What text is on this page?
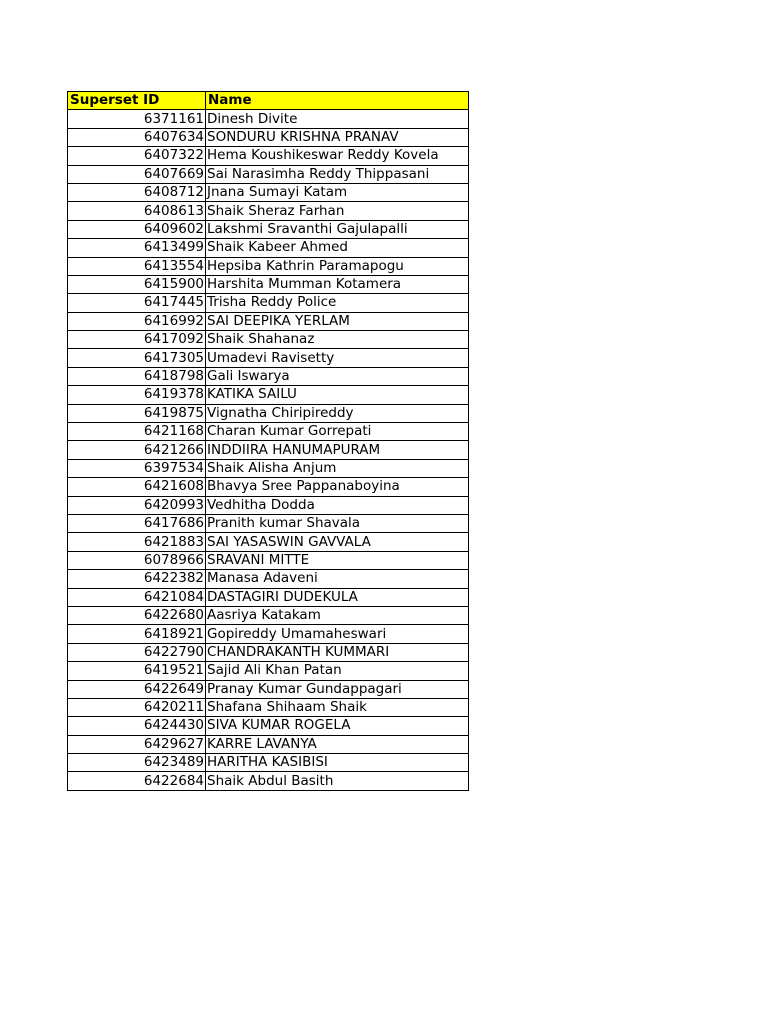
Superset ID	Name
6371161	Dinesh Divite
6407634	SONDURU KRISHNA PRANAV
6407322	Hema Koushikeswar Reddy Kovela
6407669	Sai Narasimha Reddy Thippasani
6408712	Jnana Sumayi Katam
6408613	Shaik Sheraz Farhan
6409602	Lakshmi Sravanthi Gajulapalli
6413499	Shaik Kabeer Ahmed
6413554	Hepsiba Kathrin Paramapogu
6415900	Harshita Mumman Kotamera
6417445	Trisha Reddy Police
6416992	SAI DEEPIKA YERLAM
6417092	Shaik Shahanaz
6417305	Umadevi Ravisetty
6418798	Gali Iswarya
6419378	KATIKA SAILU
6419875	Vignatha Chiripireddy
6421168	Charan Kumar Gorrepati
6421266	INDDIIRA HANUMAPURAM
6397534	Shaik Alisha Anjum
6421608	Bhavya Sree Pappanaboyina
6420993	Vedhitha Dodda
6417686	Pranith kumar Shavala
6421883	SAI YASASWIN GAVVALA
6078966	SRAVANI MITTE
6422382	Manasa Adaveni
6421084	DASTAGIRI DUDEKULA
6422680	Aasriya Katakam
6418921	Gopireddy Umamaheswari
6422790	CHANDRAKANTH KUMMARI
6419521	Sajid Ali Khan Patan
6422649	Pranay Kumar Gundappagari
6420211	Shafana Shihaam Shaik
6424430	SIVA KUMAR ROGELA
6429627	KARRE LAVANYA
6423489	HARITHA KASIBISI
6422684	Shaik Abdul Basith
